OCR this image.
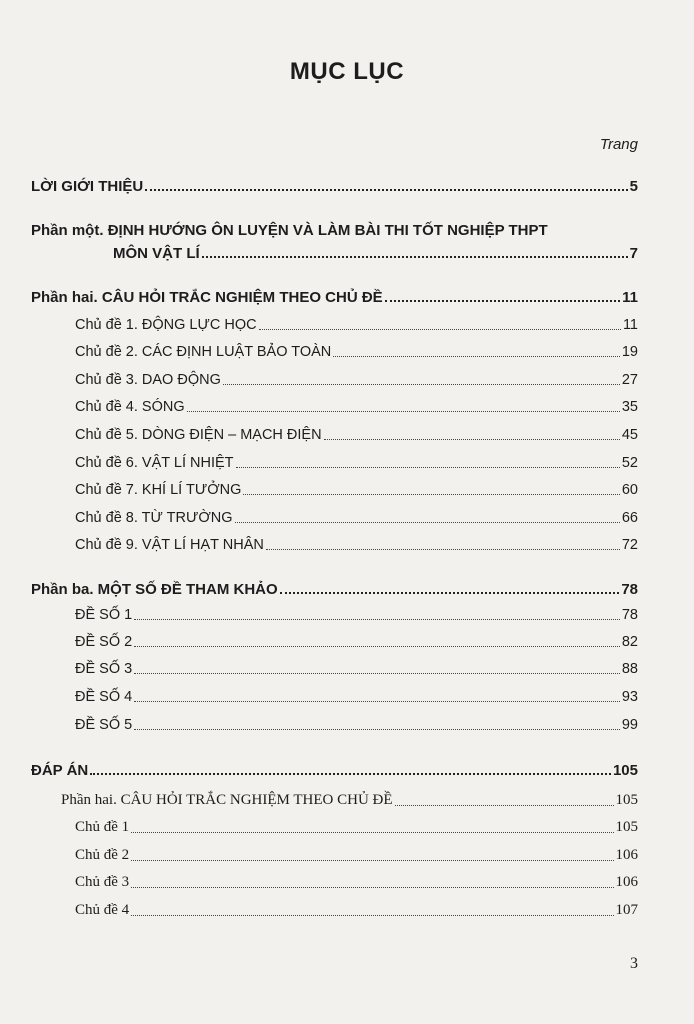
MỤC LỤC
Trang
LỜI GIỚI THIỆU	5
Phần một. ĐỊNH HƯỚNG ÔN LUYỆN VÀ LÀM BÀI THI TỐT NGHIỆP THPT
MÔN VẬT LÍ	7
Phần hai. CÂU HỎI TRẮC NGHIỆM THEO CHỦ ĐỀ	11
Chủ đề 1. ĐỘNG LỰC HỌC	11
Chủ đề 2. CÁC ĐỊNH LUẬT BẢO TOÀN	19
Chủ đề 3. DAO ĐỘNG	27
Chủ đề 4. SÓNG	35
Chủ đề 5. DÒNG ĐIỆN – MẠCH ĐIỆN	45
Chủ đề 6. VẬT LÍ NHIỆT	52
Chủ đề 7. KHÍ LÍ TƯỞNG	60
Chủ đề 8. TỪ TRƯỜNG	66
Chủ đề 9. VẬT LÍ HẠT NHÂN	72
Phần ba. MỘT SỐ ĐỀ THAM KHẢO	78
ĐỀ SỐ 1	78
ĐỀ SỐ 2	82
ĐỀ SỐ 3	88
ĐỀ SỐ 4	93
ĐỀ SỐ 5	99
ĐÁP ÁN	105
Phần hai. CÂU HỎI TRẮC NGHIỆM THEO CHỦ ĐỀ	105
Chủ đề 1	105
Chủ đề 2	106
Chủ đề 3	106
Chủ đề 4	107
3
